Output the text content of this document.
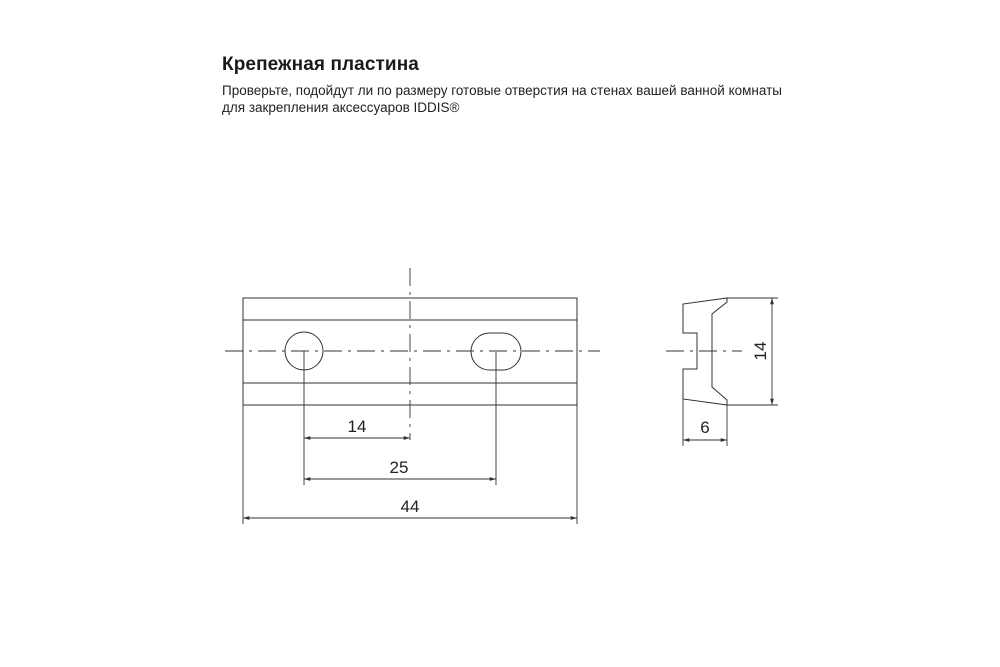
Крепежная пластина
Проверьте, подойдут ли по размеру готовые отверстия на стенах вашей ванной комнаты
для закрепления аксессуаров IDDIS®
14
25
44
6
14
